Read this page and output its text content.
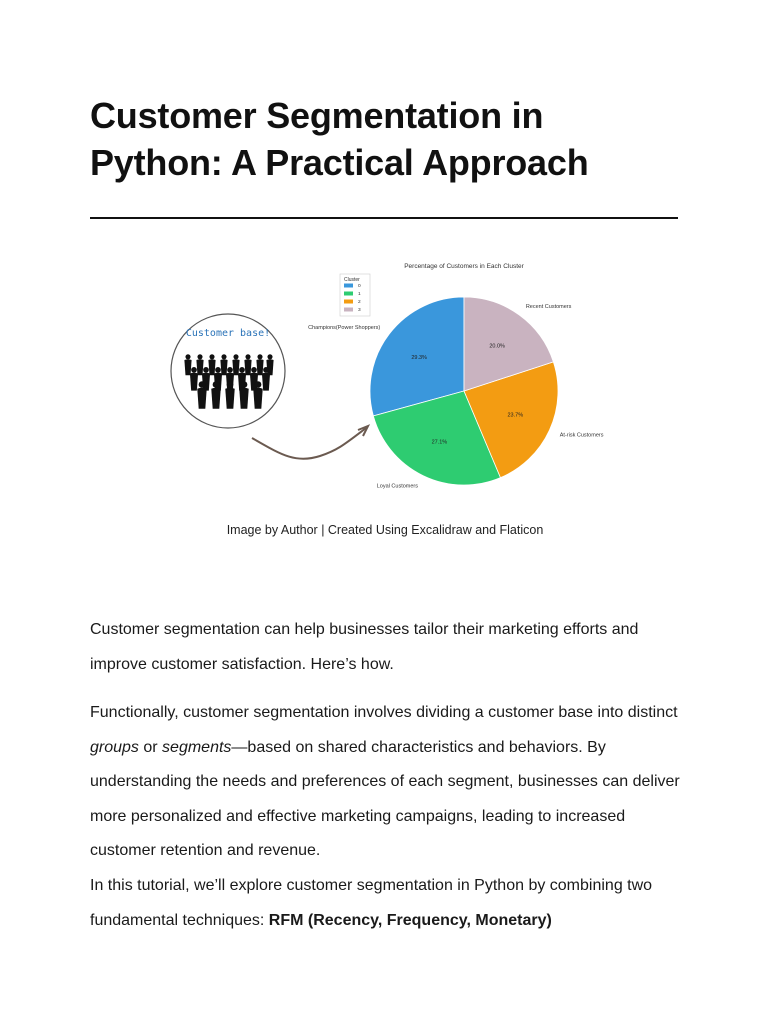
Customer Segmentation in Python: A Practical Approach
Customer base!
Percentage of Customers in Each Cluster
Cluster
0
1
2
3
29.3%
Champions(Power Shoppers)
27.1%
Loyal Customers
23.7%
At-risk Customers
20.0%
Recent Customers
Image by Author | Created Using Excalidraw and Flaticon

Customer segmentation can help businesses tailor their marketing efforts and improve customer satisfaction. Here’s how.

Functionally, customer segmentation involves dividing a customer base into distinct groups or segments—based on shared characteristics and behaviors. By understanding the needs and preferences of each segment, businesses can deliver more personalized and effective marketing campaigns, leading to increased customer retention and revenue.

In this tutorial, we’ll explore customer segmentation in Python by combining two fundamental techniques: RFM (Recency, Frequency, Monetary)
